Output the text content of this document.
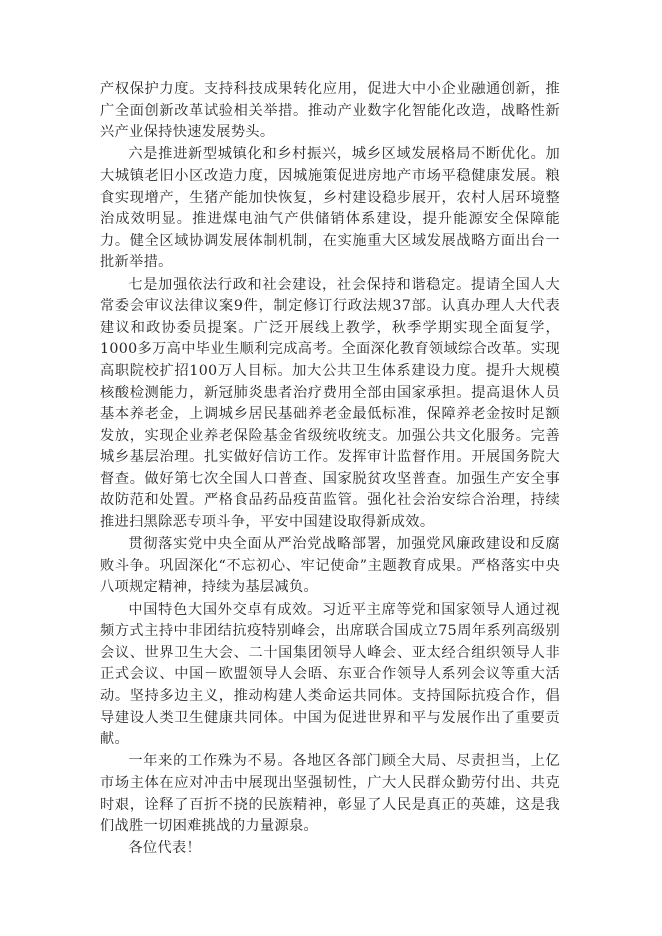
产权保护力度。支持科技成果转化应用，促进大中小企业融通创新，推广全面创新改革试验相关举措。推动产业数字化智能化改造，战略性新兴产业保持快速发展势头。

六是推进新型城镇化和乡村振兴，城乡区域发展格局不断优化。加大城镇老旧小区改造力度，因城施策促进房地产市场平稳健康发展。粮食实现增产，生猪产能加快恢复，乡村建设稳步展开，农村人居环境整治成效明显。推进煤电油气产供储销体系建设，提升能源安全保障能力。健全区域协调发展体制机制，在实施重大区域发展战略方面出台一批新举措。

七是加强依法行政和社会建设，社会保持和谐稳定。提请全国人大常委会审议法律议案9件，制定修订行政法规37部。认真办理人大代表建议和政协委员提案。广泛开展线上教学，秋季学期实现全面复学，1000多万高中毕业生顺利完成高考。全面深化教育领域综合改革。实现高职院校扩招100万人目标。加大公共卫生体系建设力度。提升大规模核酸检测能力，新冠肺炎患者治疗费用全部由国家承担。提高退休人员基本养老金，上调城乡居民基础养老金最低标准，保障养老金按时足额发放，实现企业养老保险基金省级统收统支。加强公共文化服务。完善城乡基层治理。扎实做好信访工作。发挥审计监督作用。开展国务院大督查。做好第七次全国人口普查、国家脱贫攻坚普查。加强生产安全事故防范和处置。严格食品药品疫苗监管。强化社会治安综合治理，持续推进扫黑除恶专项斗争，平安中国建设取得新成效。

贯彻落实党中央全面从严治党战略部署，加强党风廉政建设和反腐败斗争。巩固深化“不忘初心、牢记使命”主题教育成果。严格落实中央八项规定精神，持续为基层减负。

中国特色大国外交卓有成效。习近平主席等党和国家领导人通过视频方式主持中非团结抗疫特别峰会，出席联合国成立75周年系列高级别会议、世界卫生大会、二十国集团领导人峰会、亚太经合组织领导人非正式会议、中国－欧盟领导人会晤、东亚合作领导人系列会议等重大活动。坚持多边主义，推动构建人类命运共同体。支持国际抗疫合作，倡导建设人类卫生健康共同体。中国为促进世界和平与发展作出了重要贡献。

一年来的工作殊为不易。各地区各部门顾全大局、尽责担当，上亿市场主体在应对冲击中展现出坚强韧性，广大人民群众勤劳付出、共克时艰，诠释了百折不挠的民族精神，彰显了人民是真正的英雄，这是我们战胜一切困难挑战的力量源泉。

各位代表！
